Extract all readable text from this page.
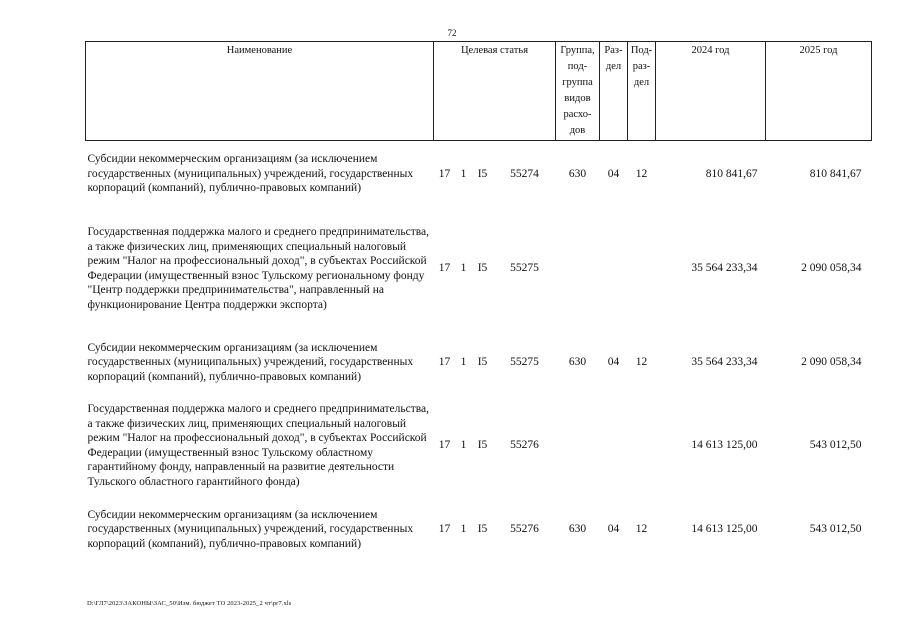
72
Наименование	Целевая статья				Группа, под-группа видов расхо-дов	Раз-дел	Под-раз-дел	2024 год	2025 год
Субсидии некоммерческим организациям (за исключением государственных (муниципальных) учреждений, государственных корпораций (компаний), публично-правовых компаний)	17	1	I5	55274	630	04	12	810 841,67	810 841,67
Государственная поддержка малого и среднего предпринимательства, а также физических лиц, применяющих специальный налоговый режим "Налог на профессиональный доход", в субъектах Российской Федерации (имущественный взнос Тульскому региональному фонду "Центр поддержки предпринимательства", направленный на функционирование Центра поддержки экспорта)	17	1	I5	55275				35 564 233,34	2 090 058,34
Субсидии некоммерческим организациям (за исключением государственных (муниципальных) учреждений, государственных корпораций (компаний), публично-правовых компаний)	17	1	I5	55275	630	04	12	35 564 233,34	2 090 058,34
Государственная поддержка малого и среднего предпринимательства, а также физических лиц, применяющих специальный налоговый режим "Налог на профессиональный доход", в субъектах Российской Федерации (имущественный взнос Тульскому областному гарантийному фонду, направленный на развитие деятельности Тульского областного гарантийного фонда)	17	1	I5	55276				14 613 125,00	543 012,50
Субсидии некоммерческим организациям (за исключением государственных (муниципальных) учреждений, государственных корпораций (компаний), публично-правовых компаний)	17	1	I5	55276	630	04	12	14 613 125,00	543 012,50
D:\ГЛ7\2023\ЗАКОНЫ\ЗАС_50\Изм. бюджет ТО 2023-2025_2 чт\pr7.xls
